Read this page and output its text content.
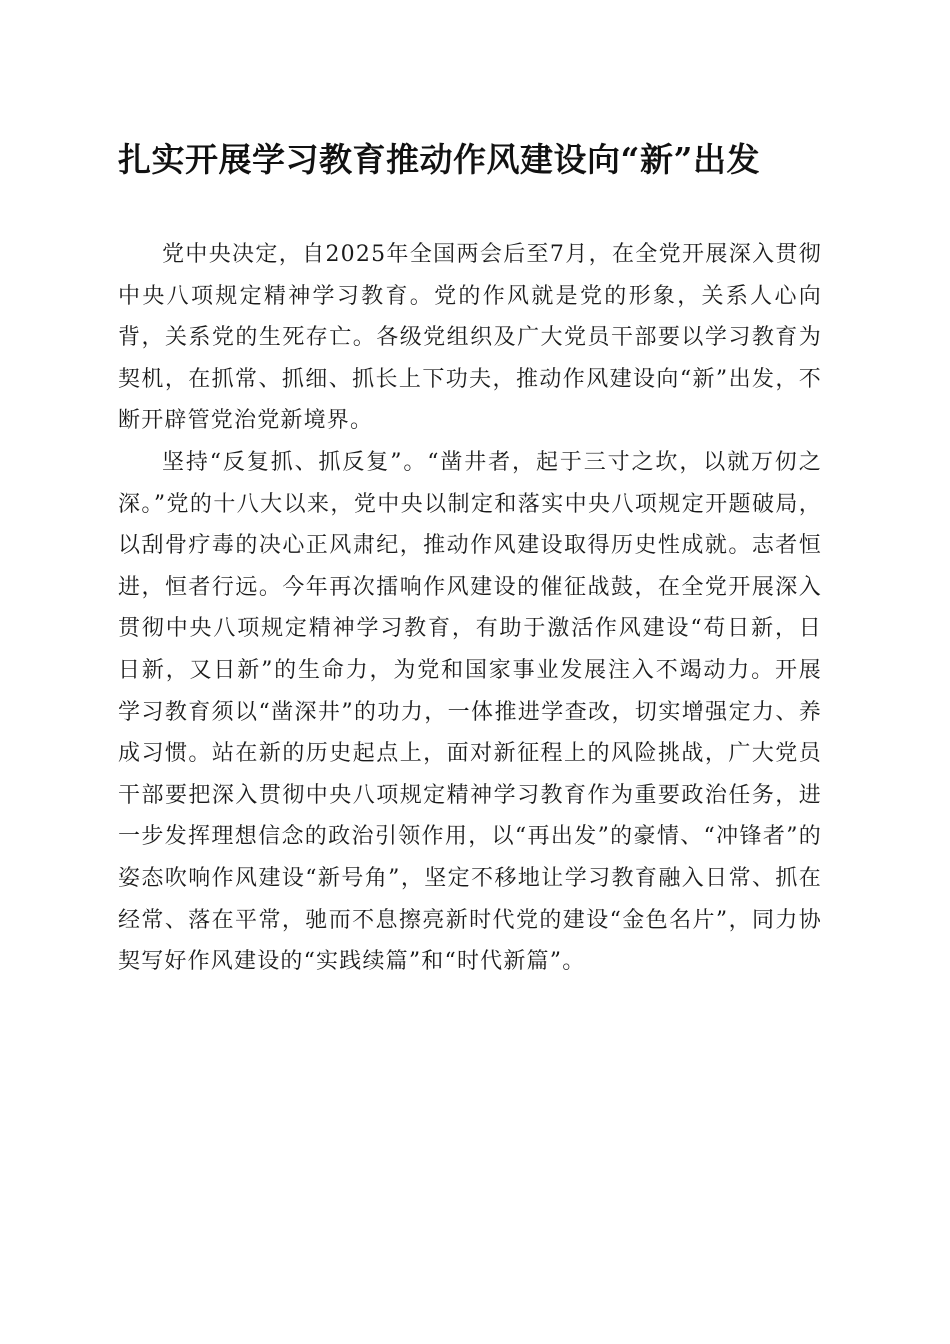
扎实开展学习教育推动作风建设向“新”出发

党中央决定，自2025年全国两会后至7月，在全党开展深入贯彻中央八项规定精神学习教育。党的作风就是党的形象，关系人心向背，关系党的生死存亡。各级党组织及广大党员干部要以学习教育为契机，在抓常、抓细、抓长上下功夫，推动作风建设向“新”出发，不断开辟管党治党新境界。

坚持“反复抓、抓反复”。“凿井者，起于三寸之坎，以就万仞之深。”党的十八大以来，党中央以制定和落实中央八项规定开题破局，以刮骨疗毒的决心正风肃纪，推动作风建设取得历史性成就。志者恒进，恒者行远。今年再次擂响作风建设的催征战鼓，在全党开展深入贯彻中央八项规定精神学习教育，有助于激活作风建设“苟日新，日日新，又日新”的生命力，为党和国家事业发展注入不竭动力。开展学习教育须以“凿深井”的功力，一体推进学查改，切实增强定力、养成习惯。站在新的历史起点上，面对新征程上的风险挑战，广大党员干部要把深入贯彻中央八项规定精神学习教育作为重要政治任务，进一步发挥理想信念的政治引领作用，以“再出发”的豪情、“冲锋者”的姿态吹响作风建设“新号角”，坚定不移地让学习教育融入日常、抓在经常、落在平常，驰而不息擦亮新时代党的建设“金色名片”，同力协契写好作风建设的“实践续篇”和“时代新篇”。
